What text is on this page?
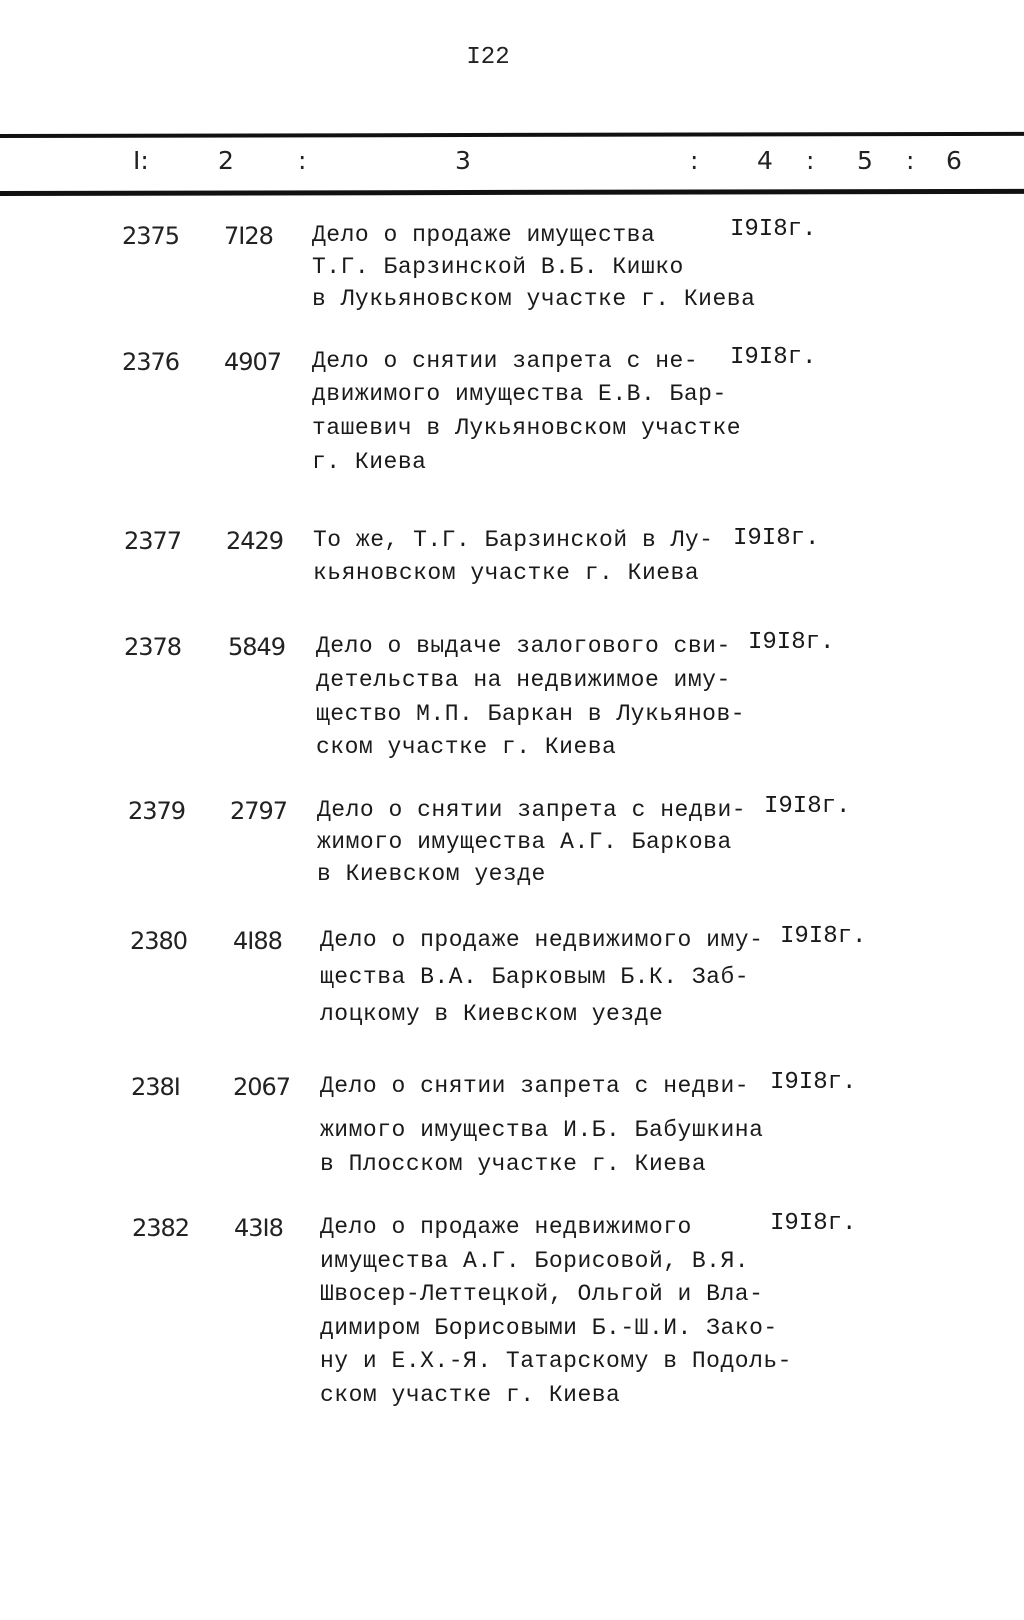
I22
I:	2	:	3	: 4 : 5 : 6
2375 7I28 Дело о продаже имущества
Т.Г. Барзинской В.Б. Кишко
в Лукьяновском участке г. Киева
I9I8г.
2376 4907 Дело о снятии запрета с не-
движимого имущества Е.В. Бар-
ташевич в Лукьяновском участке
г. Киева
I9I8г.
2377 2429 То же, Т.Г. Барзинской в Лу-
кьяновском участке г. Киева
I9I8г.
2378 5849 Дело о выдаче залогового сви-
детельства на недвижимое иму-
щество М.П. Баркан в Лукьянов-
ском участке г. Киева
I9I8г.
2379 2797 Дело о снятии запрета с недви-
жимого имущества А.Г. Баркова
в Киевском уезде
I9I8г.
2380 4I88 Дело о продаже недвижимого иму-
щества В.А. Барковым Б.К. Заб-
лоцкому в Киевском уезде
I9I8г.
238I 2067 Дело о снятии запрета с недви-
жимого имущества И.Б. Бабушкина
в Плосском участке г. Киева
I9I8г.
2382 43I8 Дело о продаже недвижимого
имущества А.Г. Борисовой, В.Я.
Швосер-Леттецкой, Ольгой и Вла-
димиром Борисовыми Б.-Ш.И. Зако-
ну и Е.Х.-Я. Татарскому в Подоль-
ском участке г. Киева
I9I8г.
